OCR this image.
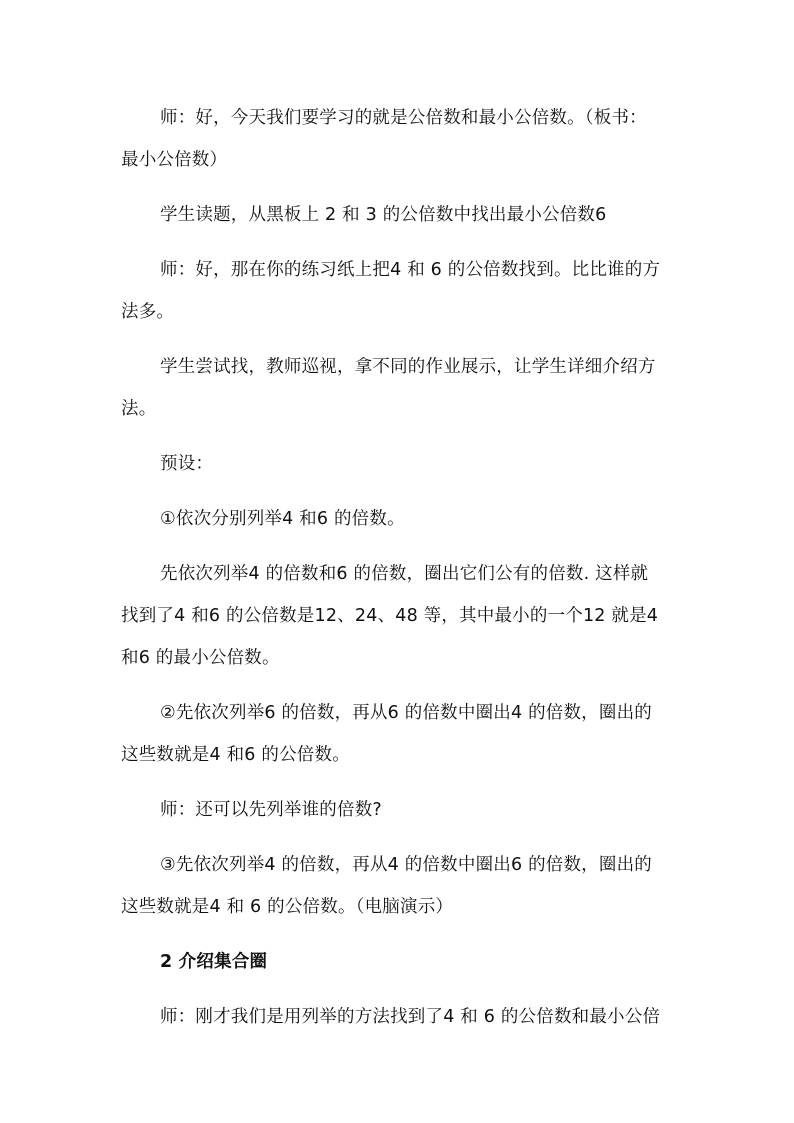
师：好，今天我们要学习的就是公倍数和最小公倍数。（板书：
最小公倍数）
学生读题，从黑板上 2 和 3 的公倍数中找出最小公倍数6
师：好，那在你的练习纸上把4 和 6 的公倍数找到。比比谁的方
法多。
学生尝试找，教师巡视，拿不同的作业展示，让学生详细介绍方
法。
预设：
①依次分别列举4 和6 的倍数。
先依次列举4 的倍数和6 的倍数，圈出它们公有的倍数. 这样就
找到了4 和6 的公倍数是12、24、48 等，其中最小的一个12 就是4
和6 的最小公倍数。
②先依次列举6 的倍数，再从6 的倍数中圈出4 的倍数，圈出的
这些数就是4 和6 的公倍数。
师：还可以先列举谁的倍数?
③先依次列举4 的倍数，再从4 的倍数中圈出6 的倍数，圈出的
这些数就是4 和 6 的公倍数。（电脑演示）
2 介绍集合圈
师：刚才我们是用列举的方法找到了4 和 6 的公倍数和最小公倍
